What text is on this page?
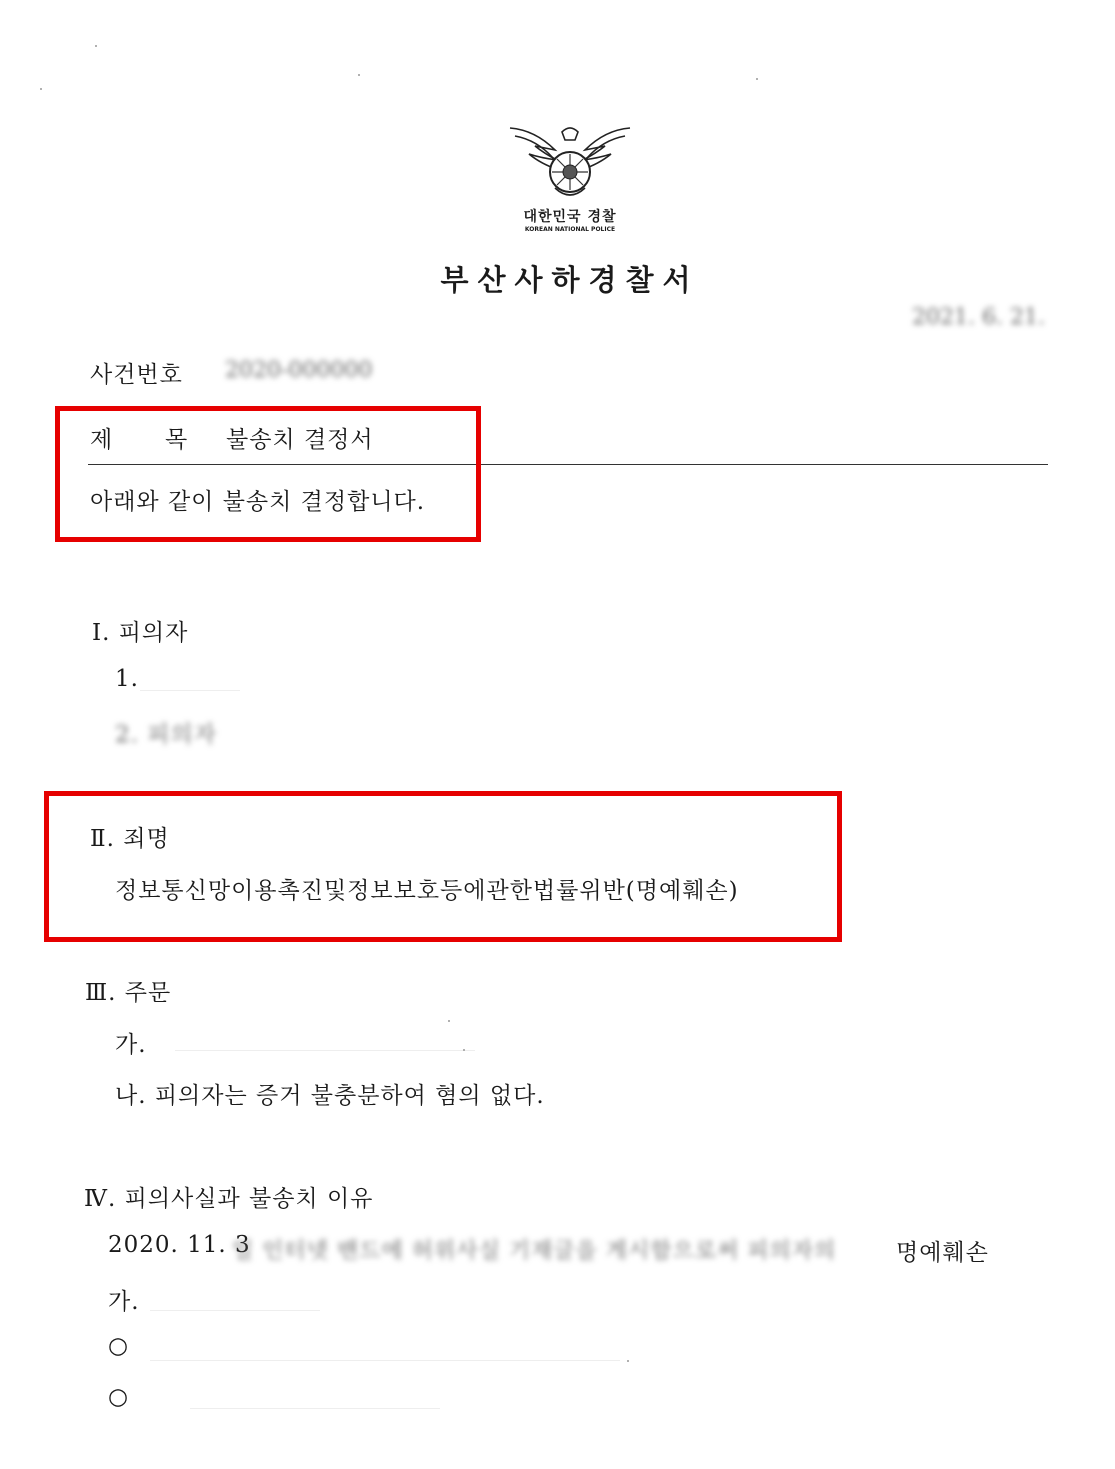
대한민국 경찰
KOREAN NATIONAL POLICE
부산사하경찰서
2021. 6. 21.
사건번호 2020-000000
제 목 불송치 결정서
아래와 같이 불송치 결정합니다.
Ⅰ. 피의자
1.
2. 피의자
Ⅱ. 죄명
정보통신망이용촉진및정보보호등에관한법률위반(명예훼손)
Ⅲ. 주문
가.
나. 피의자는 증거 불충분하여 혐의 없다.
Ⅳ. 피의사실과 불송치 이유
2020. 11. 3
일 인터넷 밴드에 허위사실 기재글을 게시함으로써 피의자의	명예훼손
가.
○
○
